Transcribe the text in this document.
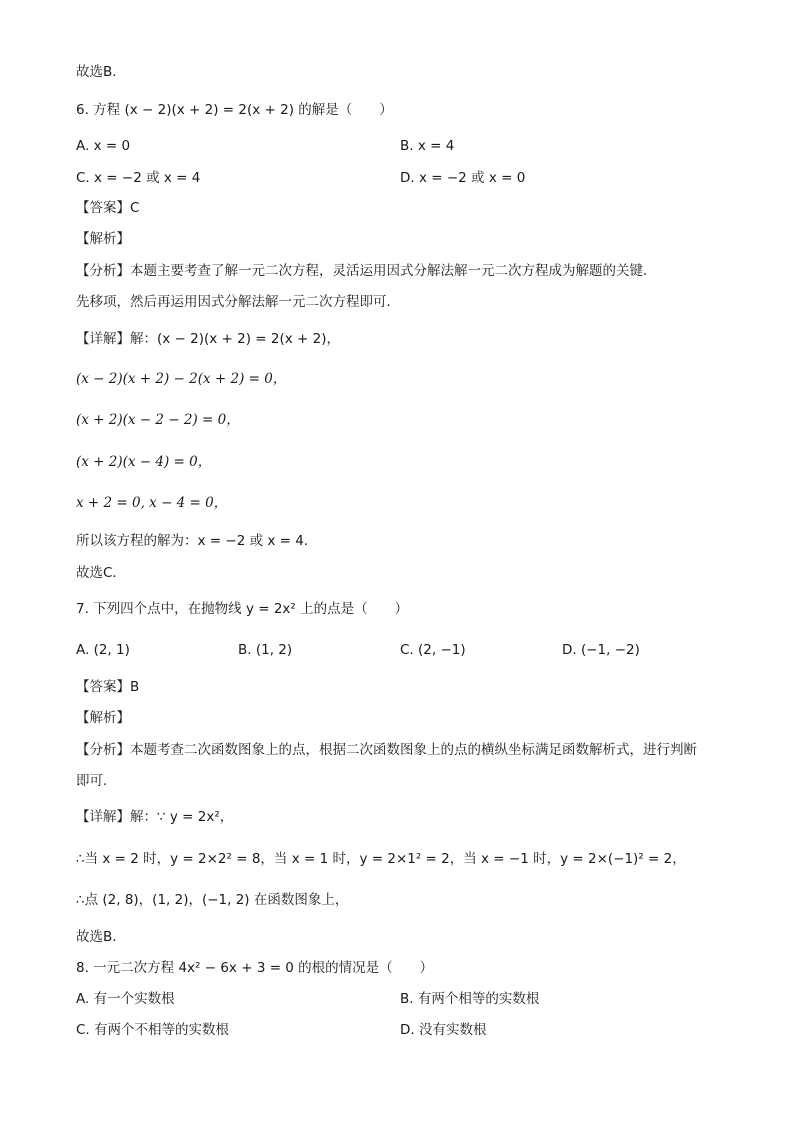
故选B．
6. 方程 (x − 2)(x + 2) = 2(x + 2) 的解是（　　）
A. x = 0	B. x = 4
C. x = −2 或 x = 4	D. x = −2 或 x = 0
【答案】C
【解析】
【分析】本题主要考查了解一元二次方程，灵活运用因式分解法解一元二次方程成为解题的关键．
先移项，然后再运用因式分解法解一元二次方程即可．
【详解】解：(x − 2)(x + 2) = 2(x + 2)，
(x − 2)(x + 2) − 2(x + 2) = 0，
(x + 2)(x − 2 − 2) = 0，
(x + 2)(x − 4) = 0，
x + 2 = 0, x − 4 = 0，
所以该方程的解为：x = −2 或 x = 4．
故选C．
7. 下列四个点中，在抛物线 y = 2x² 上的点是（　　）
A. (2, 1)	B. (1, 2)	C. (2, −1)	D. (−1, −2)
【答案】B
【解析】
【分析】本题考查二次函数图象上的点，根据二次函数图象上的点的横纵坐标满足函数解析式，进行判断
即可．
【详解】解：∵ y = 2x²，
∴当 x = 2 时，y = 2×2² = 8，当 x = 1 时，y = 2×1² = 2，当 x = −1 时，y = 2×(−1)² = 2，
∴点 (2, 8)，(1, 2)，(−1, 2) 在函数图象上，
故选B．
8. 一元二次方程 4x² − 6x + 3 = 0 的根的情况是（　　）
A. 有一个实数根	B. 有两个相等的实数根
C. 有两个不相等的实数根	D. 没有实数根
